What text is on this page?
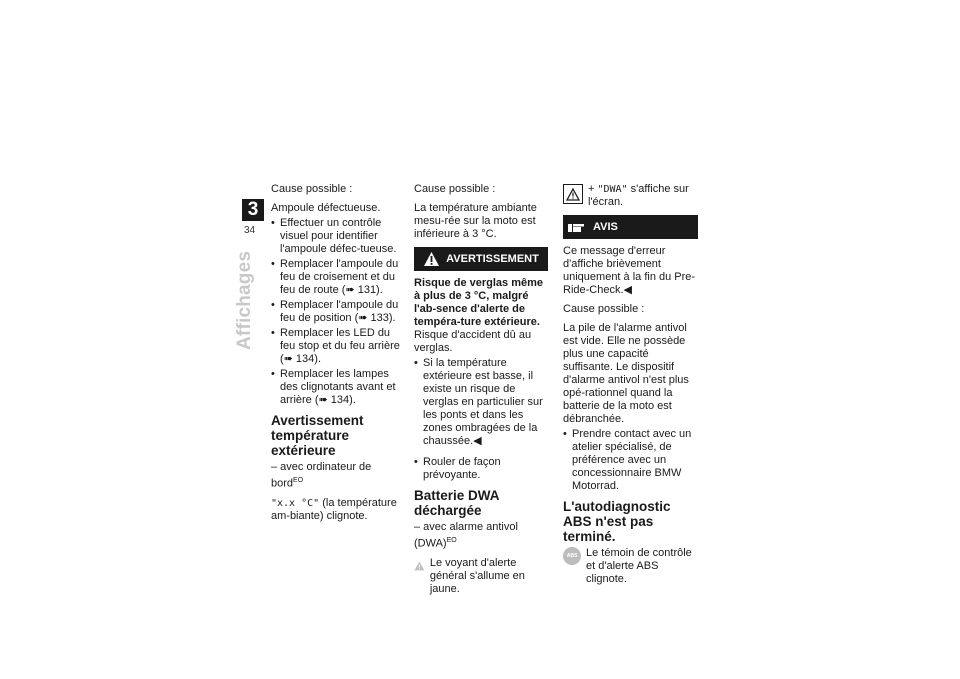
3
34
Affichages

Cause possible :

Ampoule défectueuse.

• Effectuer un contrôle visuel pour identifier l'ampoule défec-tueuse.
• Remplacer l'ampoule du feu de croisement et du feu de route (➠ 131).
• Remplacer l'ampoule du feu de position (➠ 133).
• Remplacer les LED du feu stop et du feu arrière (➠ 134).
• Remplacer les lampes des clignotants avant et arrière (➠ 134).
Avertissement température extérieure

– avec ordinateur de bord$^{EO}$

"x.x °C" (la température am-biante) clignote.

Cause possible :

La température ambiante mesu-rée sur la moto est inférieure à 3 °C.

AVERTISSEMENT

Risque de verglas même à plus de 3 °C, malgré l'ab-sence d'alerte de tempéra-ture extérieure.

Risque d'accident dû au verglas.

• Si la température extérieure est basse, il existe un risque de verglas en particulier sur les ponts et dans les zones ombragées de la chaussée.◀
• Rouler de façon prévoyante.
Batterie DWA déchargée

– avec alarme antivol (DWA)$^{EO}$

Le voyant d'alerte général s'allume en jaune.
+ "DWA" s'affiche sur l'écran.
AVIS

Ce message d'erreur d'affiche brièvement uniquement à la fin du Pre-Ride-Check.◀

Cause possible :

La pile de l'alarme antivol est vide. Elle ne possède plus une capacité suffisante. Le dispositif d'alarme antivol n'est plus opé-rationnel quand la batterie de la moto est débranchée.

• Prendre contact avec un atelier spécialisé, de préférence avec un concessionnaire BMW Motorrad.
L'autodiagnostic ABS n'est pas terminé.
ABS Le témoin de contrôle et d'alerte ABS clignote.
